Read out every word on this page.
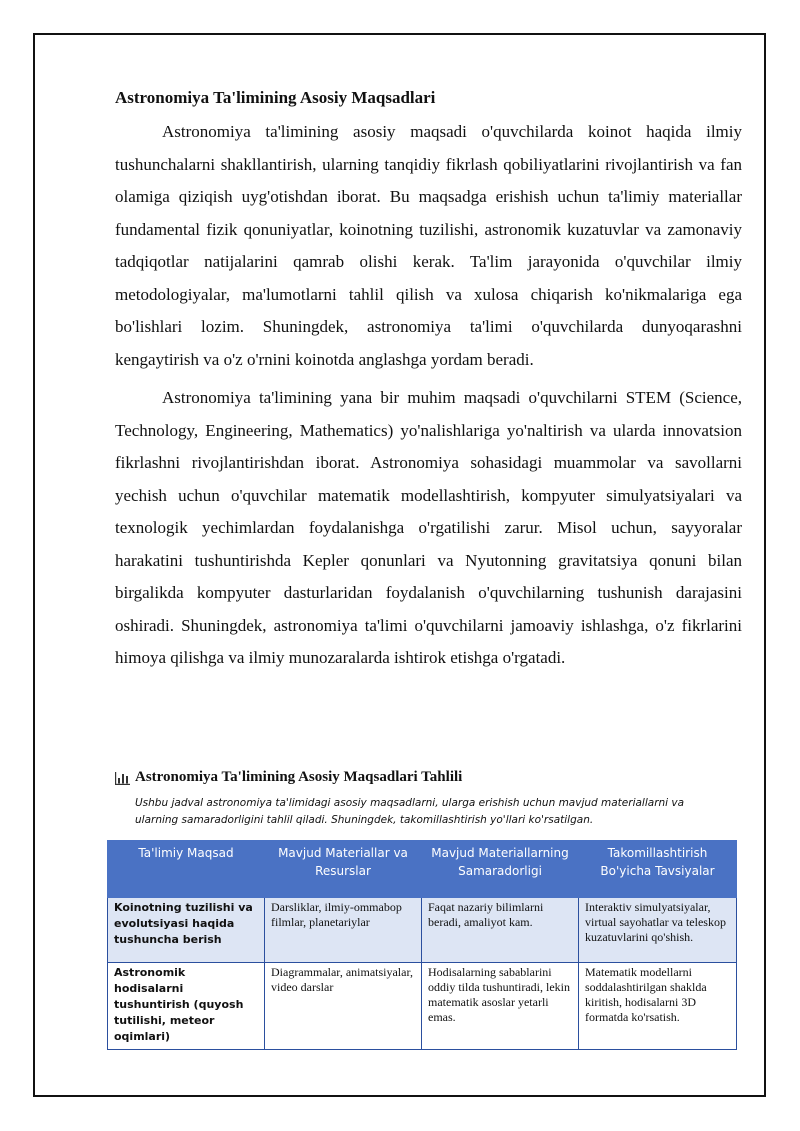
Astronomiya Ta'limining Asosiy Maqsadlari

Astronomiya ta'limining asosiy maqsadi o'quvchilarda koinot haqida ilmiy tushunchalarni shakllantirish, ularning tanqidiy fikrlash qobiliyatlarini rivojlantirish va fan olamiga qiziqish uyg'otishdan iborat. Bu maqsadga erishish uchun ta'limiy materiallar fundamental fizik qonuniyatlar, koinotning tuzilishi, astronomik kuzatuvlar va zamonaviy tadqiqotlar natijalarini qamrab olishi kerak. Ta'lim jarayonida o'quvchilar ilmiy metodologiyalar, ma'lumotlarni tahlil qilish va xulosa chiqarish ko'nikmalariga ega bo'lishlari lozim. Shuningdek, astronomiya ta'limi o'quvchilarda dunyoqarashni kengaytirish va o'z o'rnini koinotda anglashga yordam beradi.

Astronomiya ta'limining yana bir muhim maqsadi o'quvchilarni STEM (Science, Technology, Engineering, Mathematics) yo'nalishlariga yo'naltirish va ularda innovatsion fikrlashni rivojlantirishdan iborat. Astronomiya sohasidagi muammolar va savollarni yechish uchun o'quvchilar matematik modellashtirish, kompyuter simulyatsiyalari va texnologik yechimlardan foydalanishga o'rgatilishi zarur. Misol uchun, sayyoralar harakatini tushuntirishda Kepler qonunlari va Nyutonning gravitatsiya qonuni bilan birgalikda kompyuter dasturlaridan foydalanish o'quvchilarning tushunish darajasini oshiradi. Shuningdek, astronomiya ta'limi o'quvchilarni jamoaviy ishlashga, o'z fikrlarini himoya qilishga va ilmiy munozaralarda ishtirok etishga o'rgatadi.

Astronomiya Ta'limining Asosiy Maqsadlari Tahlili
Ushbu jadval astronomiya ta'limidagi asosiy maqsadlarni, ularga erishish uchun mavjud materiallarni va ularning samaradorligini tahlil qiladi. Shuningdek, takomillashtirish yo'llari ko'rsatilgan.
Ta'limiy Maqsad	Mavjud Materiallar va Resurslar	Mavjud Materiallarning Samaradorligi	Takomillashtirish Bo'yicha Tavsiyalar
Koinotning tuzilishi va evolutsiyasi haqida tushuncha berish	Darsliklar, ilmiy-ommabop filmlar, planetariylar	Faqat nazariy bilimlarni beradi, amaliyot kam.	Interaktiv simulyatsiyalar, virtual sayohatlar va teleskop kuzatuvlarini qo'shish.
Astronomik hodisalarni tushuntirish (quyosh tutilishi, meteor oqimlari)	Diagrammalar, animatsiyalar, video darslar	Hodisalarning sabablarini oddiy tilda tushuntiradi, lekin matematik asoslar yetarli emas.	Matematik modellarni soddalashtirilgan shaklda kiritish, hodisalarni 3D formatda ko'rsatish.
